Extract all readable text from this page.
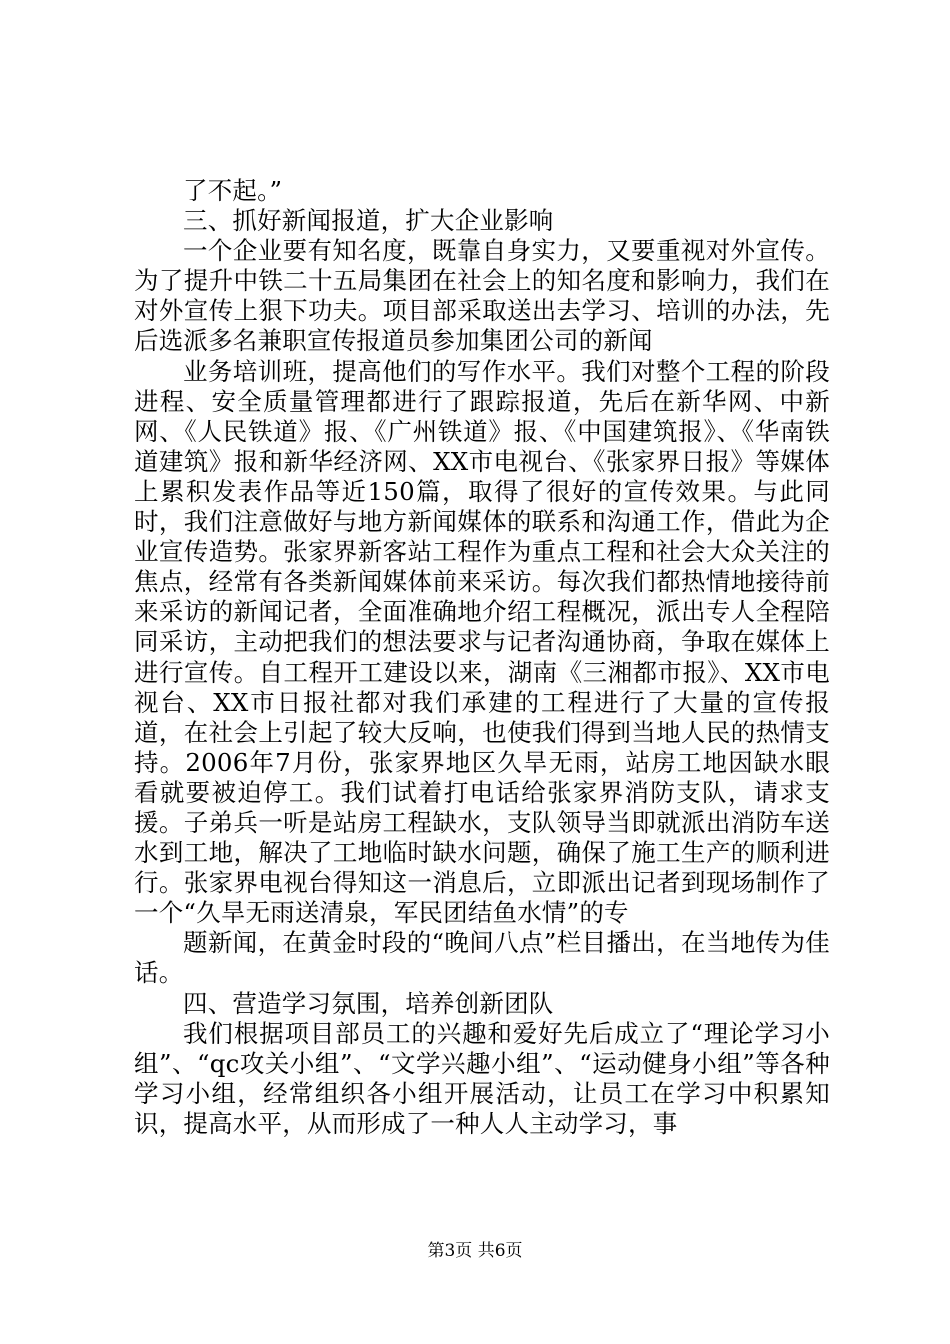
了不起。”

三、抓好新闻报道，扩大企业影响

一个企业要有知名度，既靠自身实力，又要重视对外宣传。为了提升中铁二十五局集团在社会上的知名度和影响力，我们在对外宣传上狠下功夫。项目部采取送出去学习、培训的办法，先后选派多名兼职宣传报道员参加集团公司的新闻

业务培训班，提高他们的写作水平。我们对整个工程的阶段进程、安全质量管理都进行了跟踪报道，先后在新华网、中新网、《人民铁道》报、《广州铁道》报、《中国建筑报》、《华南铁道建筑》报和新华经济网、XX市电视台、《张家界日报》等媒体上累积发表作品等近150篇，取得了很好的宣传效果。与此同时，我们注意做好与地方新闻媒体的联系和沟通工作，借此为企业宣传造势。张家界新客站工程作为重点工程和社会大众关注的焦点，经常有各类新闻媒体前来采访。每次我们都热情地接待前来采访的新闻记者，全面准确地介绍工程概况，派出专人全程陪同采访，主动把我们的想法要求与记者沟通协商，争取在媒体上进行宣传。自工程开工建设以来，湖南《三湘都市报》、XX市电视台、XX市日报社都对我们承建的工程进行了大量的宣传报道，在社会上引起了较大反响，也使我们得到当地人民的热情支持。2006年7月份，张家界地区久旱无雨，站房工地因缺水眼看就要被迫停工。我们试着打电话给张家界消防支队，请求支援。子弟兵一听是站房工程缺水，支队领导当即就派出消防车送水到工地，解决了工地临时缺水问题，确保了施工生产的顺利进行。张家界电视台得知这一消息后，立即派出记者到现场制作了一个“久旱无雨送清泉，军民团结鱼水情”的专

题新闻，在黄金时段的“晚间八点”栏目播出，在当地传为佳话。

四、营造学习氛围，培养创新团队

我们根据项目部员工的兴趣和爱好先后成立了“理论学习小组”、“qc攻关小组”、“文学兴趣小组”、“运动健身小组”等各种学习小组，经常组织各小组开展活动，让员工在学习中积累知识，提高水平，从而形成了一种人人主动学习，事

第3页 共6页
